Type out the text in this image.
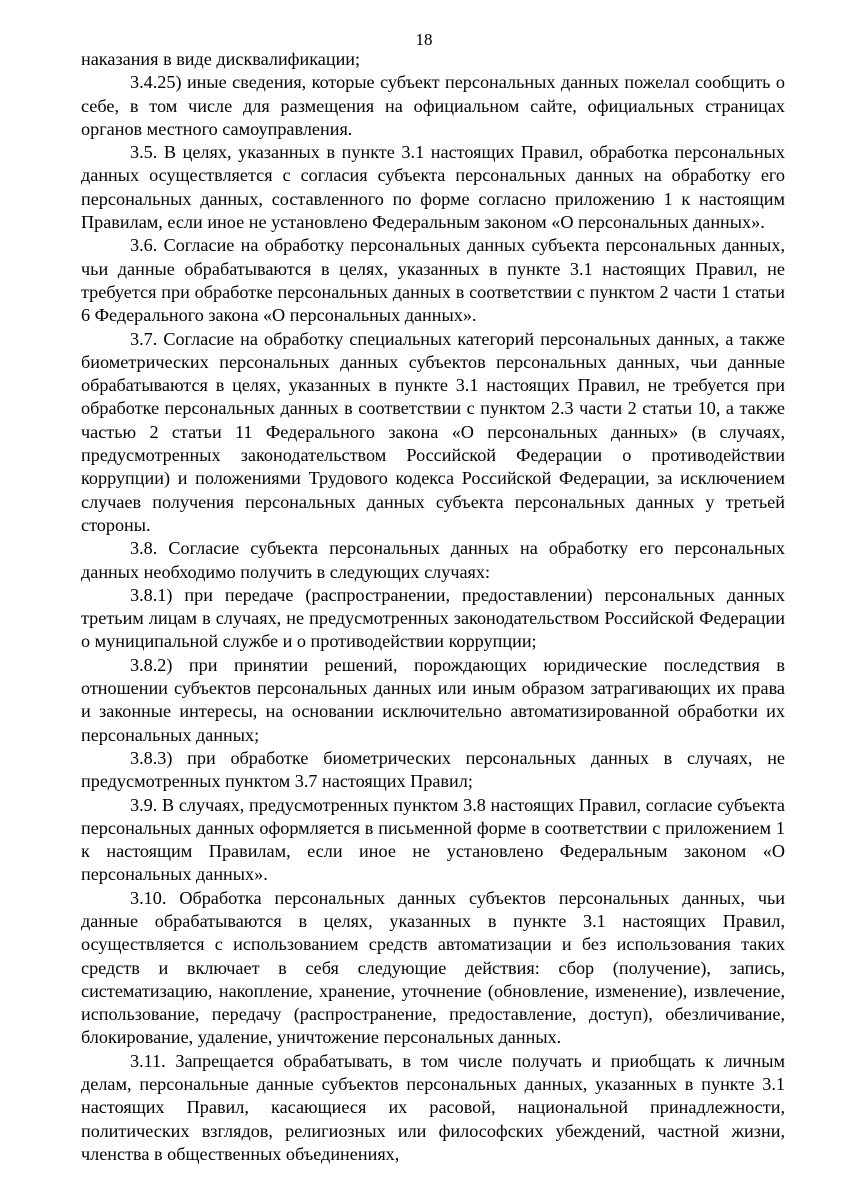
18

наказания в виде дисквалификации;

3.4.25) иные сведения, которые субъект персональных данных пожелал сообщить о себе, в том числе для размещения на официальном сайте, официальных страницах органов местного самоуправления.

3.5. В целях, указанных в пункте 3.1 настоящих Правил, обработка персональных данных осуществляется с согласия субъекта персональных данных на обработку его персональных данных, составленного по форме согласно приложению 1 к настоящим Правилам, если иное не установлено Федеральным законом «О персональных данных».

3.6. Согласие на обработку персональных данных субъекта персональных данных, чьи данные обрабатываются в целях, указанных в пункте 3.1 настоящих Правил, не требуется при обработке персональных данных в соответствии с пунктом 2 части 1 статьи 6 Федерального закона «О персональных данных».

3.7. Согласие на обработку специальных категорий персональных данных, а также биометрических персональных данных субъектов персональных данных, чьи данные обрабатываются в целях, указанных в пункте 3.1 настоящих Правил, не требуется при обработке персональных данных в соответствии с пунктом 2.3 части 2 статьи 10, а также частью 2 статьи 11 Федерального закона «О персональных данных» (в случаях, предусмотренных законодательством Российской Федерации о противодействии коррупции) и положениями Трудового кодекса Российской Федерации, за исключением случаев получения персональных данных субъекта персональных данных у третьей стороны.

3.8. Согласие субъекта персональных данных на обработку его персональных данных необходимо получить в следующих случаях:

3.8.1) при передаче (распространении, предоставлении) персональных данных третьим лицам в случаях, не предусмотренных законодательством Российской Федерации о муниципальной службе и о противодействии коррупции;

3.8.2) при принятии решений, порождающих юридические последствия в отношении субъектов персональных данных или иным образом затрагивающих их права и законные интересы, на основании исключительно автоматизированной обработки их персональных данных;

3.8.3) при обработке биометрических персональных данных в случаях, не предусмотренных пунктом 3.7 настоящих Правил;

3.9. В случаях, предусмотренных пунктом 3.8 настоящих Правил, согласие субъекта персональных данных оформляется в письменной форме в соответствии с приложением 1 к настоящим Правилам, если иное не установлено Федеральным законом «О персональных данных».

3.10. Обработка персональных данных субъектов персональных данных, чьи данные обрабатываются в целях, указанных в пункте 3.1 настоящих Правил, осуществляется с использованием средств автоматизации и без использования таких средств и включает в себя следующие действия: сбор (получение), запись, систематизацию, накопление, хранение, уточнение (обновление, изменение), извлечение, использование, передачу (распространение, предоставление, доступ), обезличивание, блокирование, удаление, уничтожение персональных данных.

3.11. Запрещается обрабатывать, в том числе получать и приобщать к личным делам, персональные данные субъектов персональных данных, указанных в пункте 3.1 настоящих Правил, касающиеся их расовой, национальной принадлежности, политических взглядов, религиозных или философских убеждений, частной жизни, членства в общественных объединениях,
